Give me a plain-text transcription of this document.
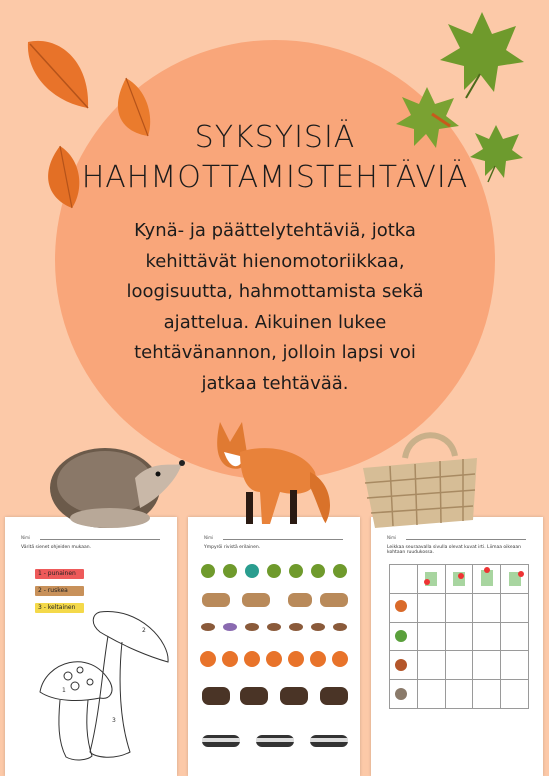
SYKSYISIÄ
HAHMOTTAMISTEHTÄVIÄ
Kynä- ja päättelytehtäviä, jotka
kehittävät hienomotoriikkaa,
loogisuutta, hahmottamista sekä
ajattelua. Aikuinen lukee
tehtävänannon, jolloin lapsi voi
jatkaa tehtävää.
Nimi
Väritä sienet ohjeiden mukaan.
1 - punainen
2 - ruskea
3 - keltainen
2
1
3
Nimi
Ympyröi rivistä erilainen.
Nimi
Leikkaa seuraavalla sivulla olevat kuvat irti. Liimaa oikeaan kohtaan ruudukossa.
